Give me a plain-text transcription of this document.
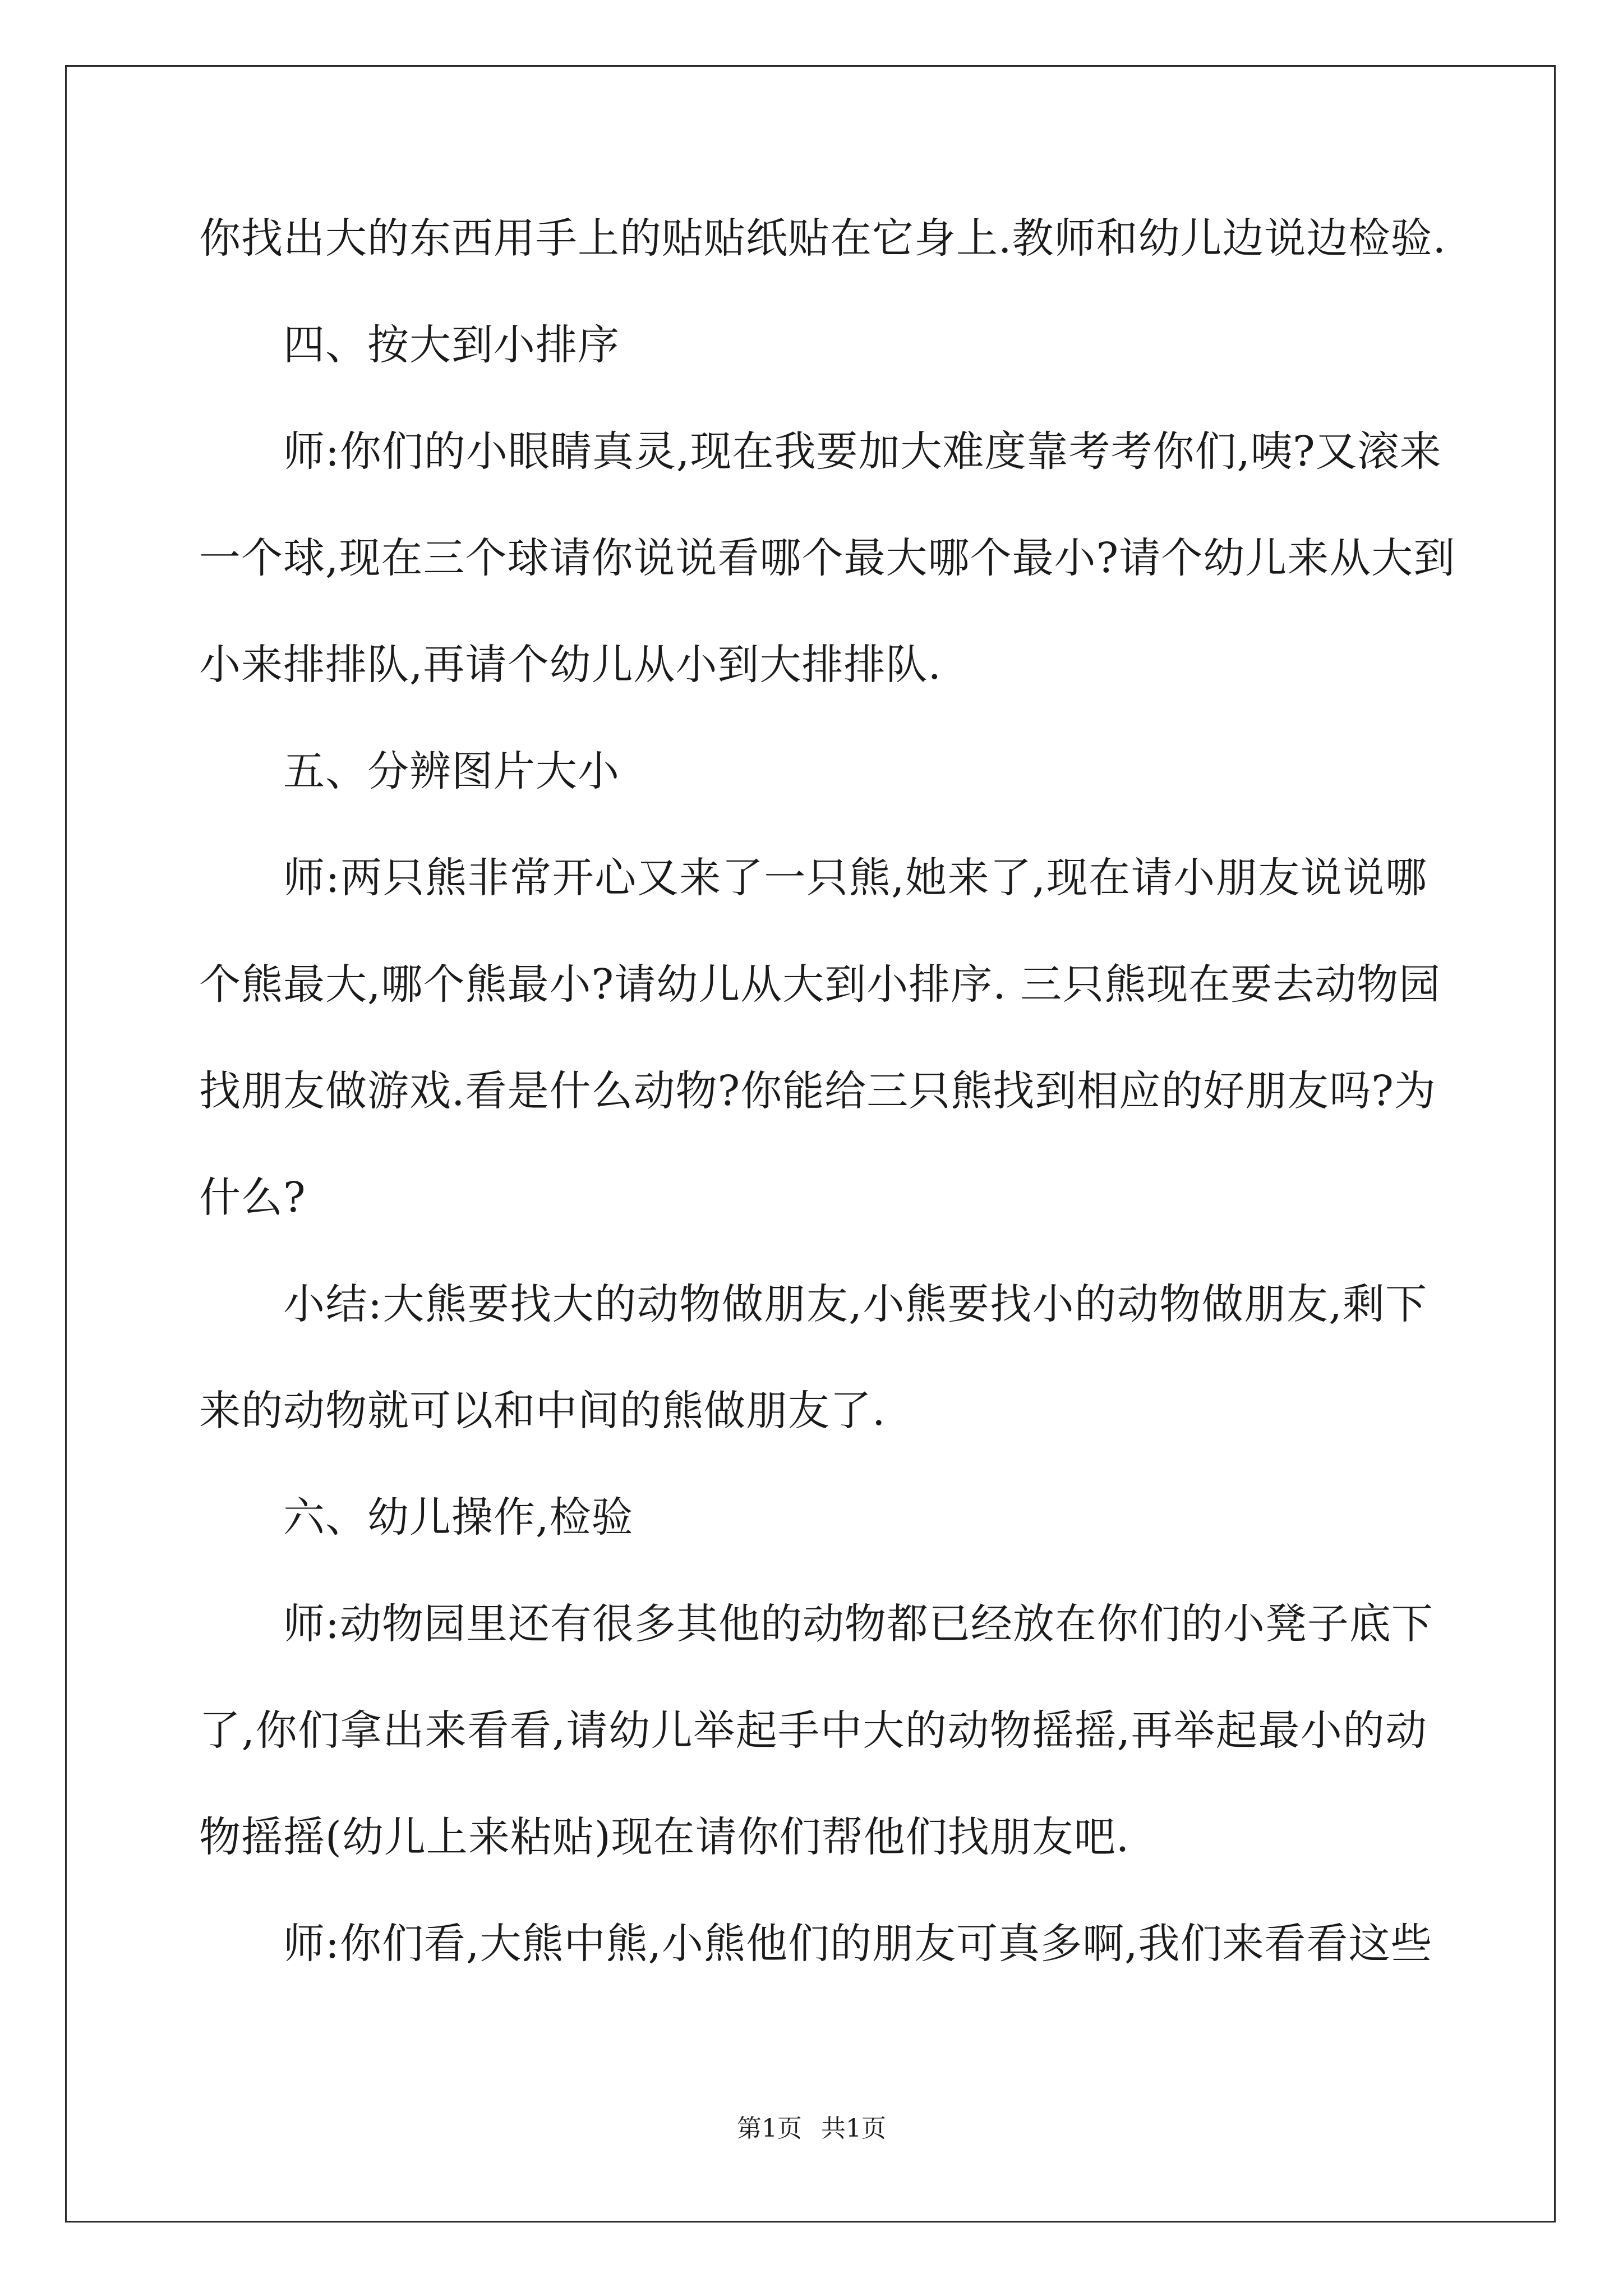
你找出大的东西用手上的贴贴纸贴在它身上.教师和幼儿边说边检验.
四、按大到小排序
师:你们的小眼睛真灵,现在我要加大难度靠考考你们,咦?又滚来
一个球,现在三个球请你说说看哪个最大哪个最小?请个幼儿来从大到
小来排排队,再请个幼儿从小到大排排队.
五、分辨图片大小
师:两只熊非常开心又来了一只熊,她来了,现在请小朋友说说哪
个熊最大,哪个熊最小?请幼儿从大到小排序. 三只熊现在要去动物园
找朋友做游戏.看是什么动物?你能给三只熊找到相应的好朋友吗?为
什么?
小结:大熊要找大的动物做朋友,小熊要找小的动物做朋友,剩下
来的动物就可以和中间的熊做朋友了.
六、幼儿操作,检验
师:动物园里还有很多其他的动物都已经放在你们的小凳子底下
了,你们拿出来看看,请幼儿举起手中大的动物摇摇,再举起最小的动
物摇摇(幼儿上来粘贴)现在请你们帮他们找朋友吧.
师:你们看,大熊中熊,小熊他们的朋友可真多啊,我们来看看这些
第1页 共1页
